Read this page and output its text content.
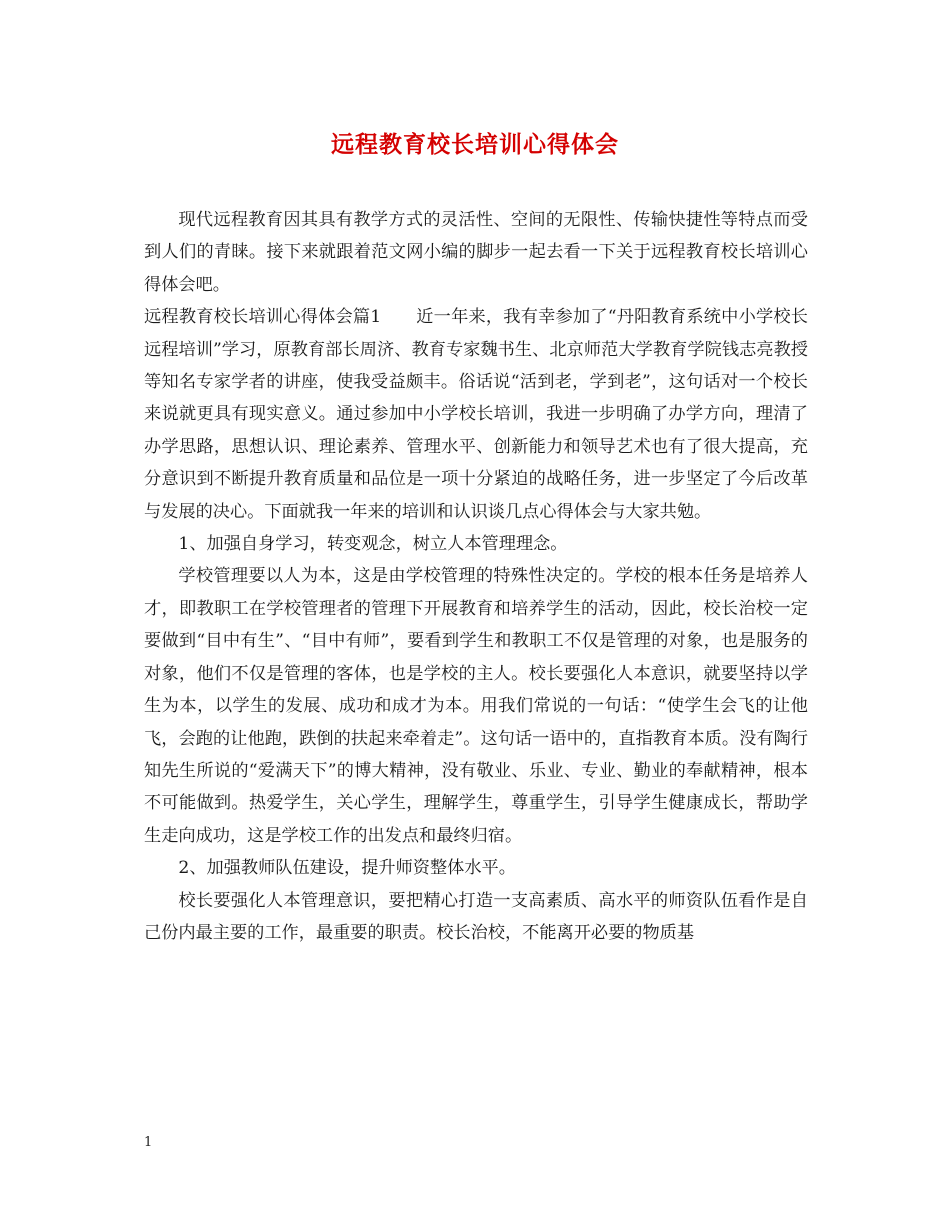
远程教育校长培训心得体会

现代远程教育因其具有教学方式的灵活性、空间的无限性、传输快捷性等特点而受到人们的青睐。接下来就跟着范文网小编的脚步一起去看一下关于远程教育校长培训心得体会吧。

远程教育校长培训心得体会篇1　　近一年来，我有幸参加了“丹阳教育系统中小学校长远程培训”学习，原教育部长周济、教育专家魏书生、北京师范大学教育学院钱志亮教授等知名专家学者的讲座，使我受益颇丰。俗话说“活到老，学到老”，这句话对一个校长来说就更具有现实意义。通过参加中小学校长培训，我进一步明确了办学方向，理清了办学思路，思想认识、理论素养、管理水平、创新能力和领导艺术也有了很大提高，充分意识到不断提升教育质量和品位是一项十分紧迫的战略任务，进一步坚定了今后改革与发展的决心。下面就我一年来的培训和认识谈几点心得体会与大家共勉。

1、加强自身学习，转变观念，树立人本管理理念。

学校管理要以人为本，这是由学校管理的特殊性决定的。学校的根本任务是培养人才，即教职工在学校管理者的管理下开展教育和培养学生的活动，因此，校长治校一定要做到“目中有生”、“目中有师”，要看到学生和教职工不仅是管理的对象，也是服务的对象，他们不仅是管理的客体，也是学校的主人。校长要强化人本意识，就要坚持以学生为本，以学生的发展、成功和成才为本。用我们常说的一句话：“使学生会飞的让他飞，会跑的让他跑，跌倒的扶起来牵着走”。这句话一语中的，直指教育本质。没有陶行知先生所说的“爱满天下”的博大精神，没有敬业、乐业、专业、勤业的奉献精神，根本不可能做到。热爱学生，关心学生，理解学生，尊重学生，引导学生健康成长，帮助学生走向成功，这是学校工作的出发点和最终归宿。

2、加强教师队伍建设，提升师资整体水平。

校长要强化人本管理意识，要把精心打造一支高素质、高水平的师资队伍看作是自己份内最主要的工作，最重要的职责。校长治校，不能离开必要的物质基

1
